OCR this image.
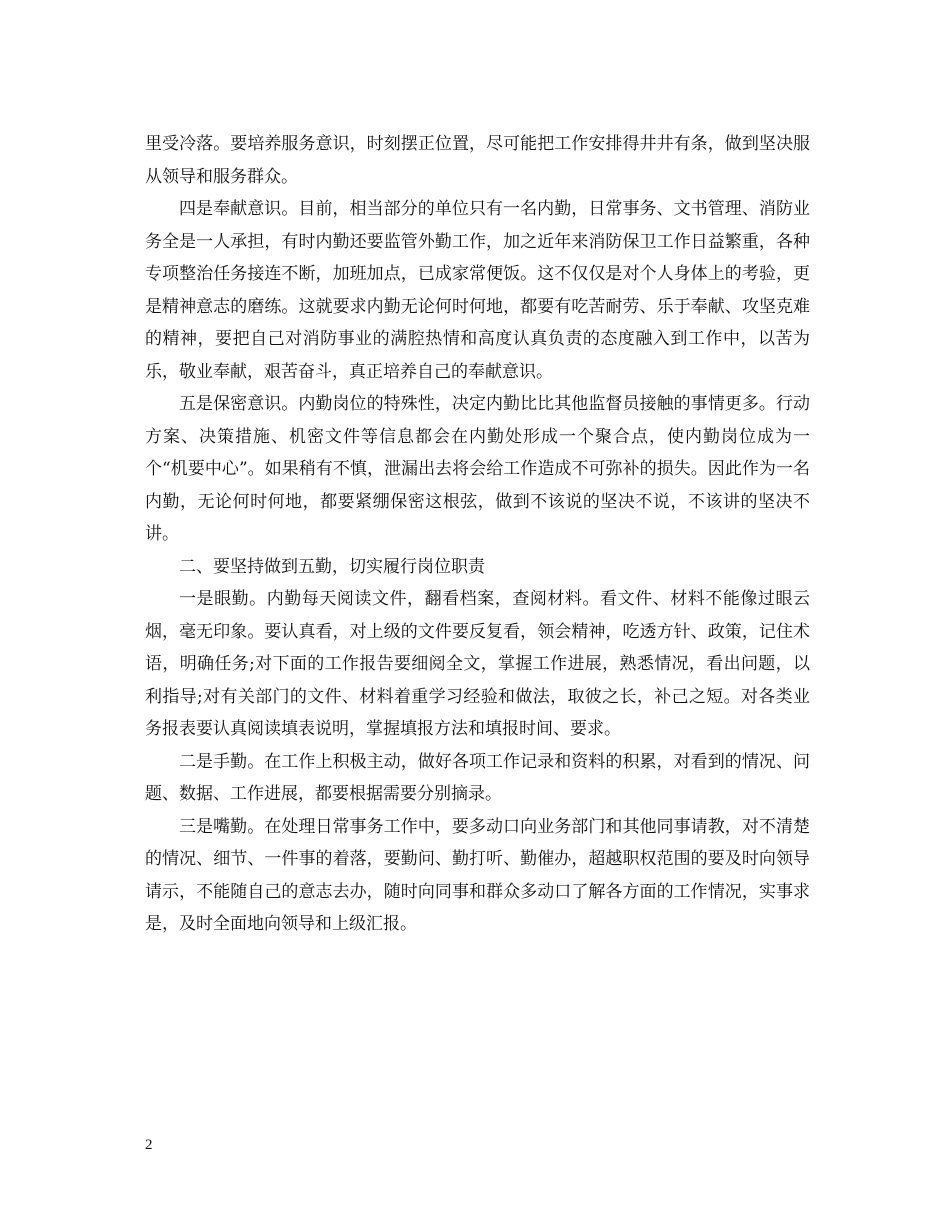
里受冷落。要培养服务意识，时刻摆正位置，尽可能把工作安排得井井有条，做到坚决服从领导和服务群众。

四是奉献意识。目前，相当部分的单位只有一名内勤，日常事务、文书管理、消防业务全是一人承担，有时内勤还要监管外勤工作，加之近年来消防保卫工作日益繁重，各种专项整治任务接连不断，加班加点，已成家常便饭。这不仅仅是对个人身体上的考验，更是精神意志的磨练。这就要求内勤无论何时何地，都要有吃苦耐劳、乐于奉献、攻坚克难的精神，要把自己对消防事业的满腔热情和高度认真负责的态度融入到工作中，以苦为乐，敬业奉献，艰苦奋斗，真正培养自己的奉献意识。

五是保密意识。内勤岗位的特殊性，决定内勤比比其他监督员接触的事情更多。行动方案、决策措施、机密文件等信息都会在内勤处形成一个聚合点，使内勤岗位成为一个“机要中心”。如果稍有不慎，泄漏出去将会给工作造成不可弥补的损失。因此作为一名内勤，无论何时何地，都要紧绷保密这根弦，做到不该说的坚决不说，不该讲的坚决不讲。

二、要坚持做到五勤，切实履行岗位职责

一是眼勤。内勤每天阅读文件，翻看档案，查阅材料。看文件、材料不能像过眼云烟，毫无印象。要认真看，对上级的文件要反复看，领会精神，吃透方针、政策，记住术语，明确任务;对下面的工作报告要细阅全文，掌握工作进展，熟悉情况，看出问题，以利指导;对有关部门的文件、材料着重学习经验和做法，取彼之长，补己之短。对各类业务报表要认真阅读填表说明，掌握填报方法和填报时间、要求。

二是手勤。在工作上积极主动，做好各项工作记录和资料的积累，对看到的情况、问题、数据、工作进展，都要根据需要分别摘录。

三是嘴勤。在处理日常事务工作中，要多动口向业务部门和其他同事请教，对不清楚的情况、细节、一件事的着落，要勤问、勤打听、勤催办，超越职权范围的要及时向领导请示，不能随自己的意志去办，随时向同事和群众多动口了解各方面的工作情况，实事求是，及时全面地向领导和上级汇报。

2
